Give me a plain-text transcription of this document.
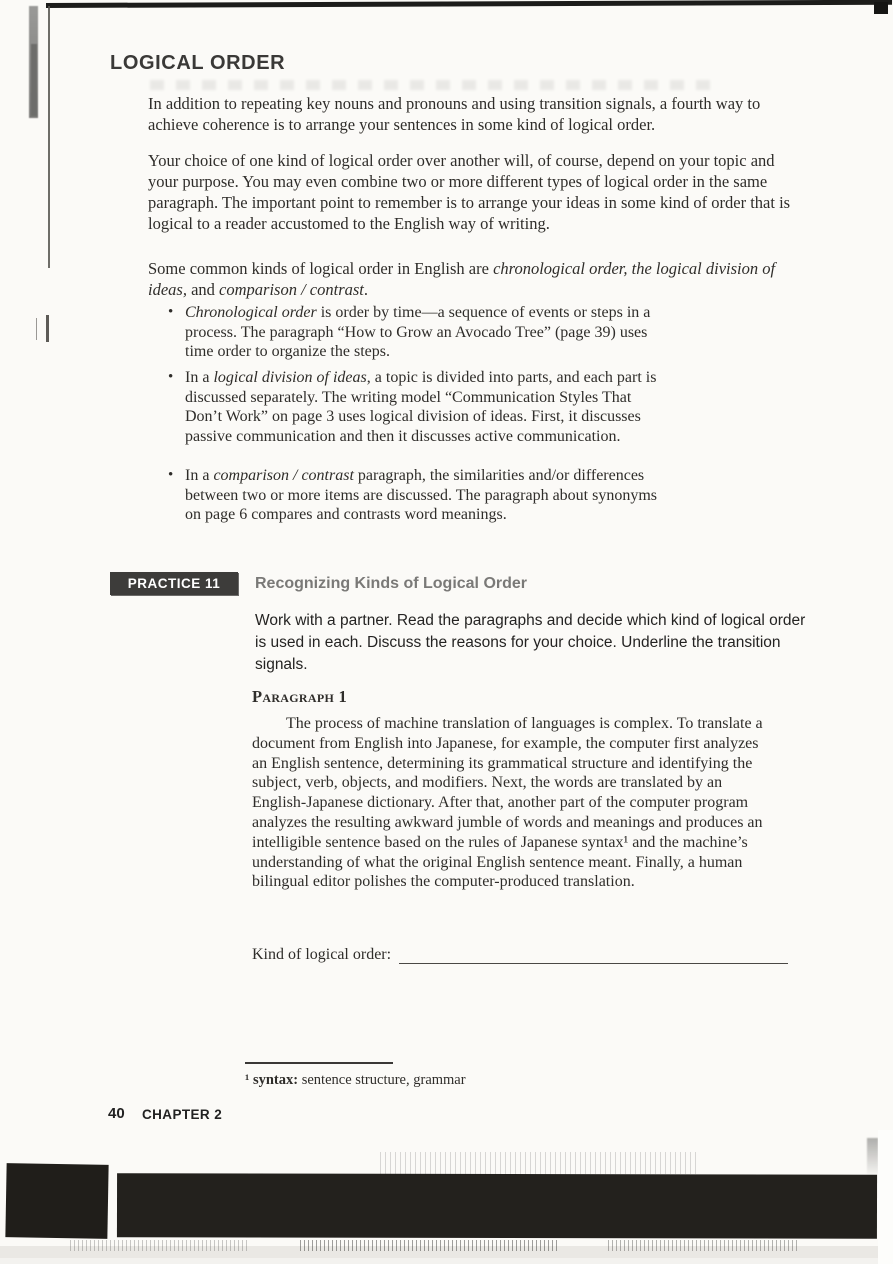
LOGICAL ORDER
In addition to repeating key nouns and pronouns and using transition signals, a fourth way to achieve coherence is to arrange your sentences in some kind of logical order.
Your choice of one kind of logical order over another will, of course, depend on your topic and your purpose. You may even combine two or more different types of logical order in the same paragraph. The important point to remember is to arrange your ideas in some kind of order that is logical to a reader accustomed to the English way of writing.
Some common kinds of logical order in English are chronological order, the logical division of ideas, and comparison / contrast.
•
Chronological order is order by time—a sequence of events or steps in a process. The paragraph “How to Grow an Avocado Tree” (page 39) uses time order to organize the steps.
•
In a logical division of ideas, a topic is divided into parts, and each part is discussed separately. The writing model “Communication Styles That Don’t Work” on page 3 uses logical division of ideas. First, it discusses passive communication and then it discusses active communication.
•
In a comparison / contrast paragraph, the similarities and/or differences between two or more items are discussed. The paragraph about synonyms on page 6 compares and contrasts word meanings.
PRACTICE 11	Recognizing Kinds of Logical Order
Work with a partner. Read the paragraphs and decide which kind of logical order is used in each. Discuss the reasons for your choice. Underline the transition signals.
Paragraph 1
The process of machine translation of languages is complex. To translate a document from English into Japanese, for example, the computer first analyzes an English sentence, determining its grammatical structure and identifying the subject, verb, objects, and modifiers. Next, the words are translated by an English-Japanese dictionary. After that, another part of the computer program analyzes the resulting awkward jumble of words and meanings and produces an intelligible sentence based on the rules of Japanese syntax¹ and the machine’s understanding of what the original English sentence meant. Finally, a human bilingual editor polishes the computer-produced translation.
Kind of logical order:
¹ syntax: sentence structure, grammar
40 CHAPTER 2
